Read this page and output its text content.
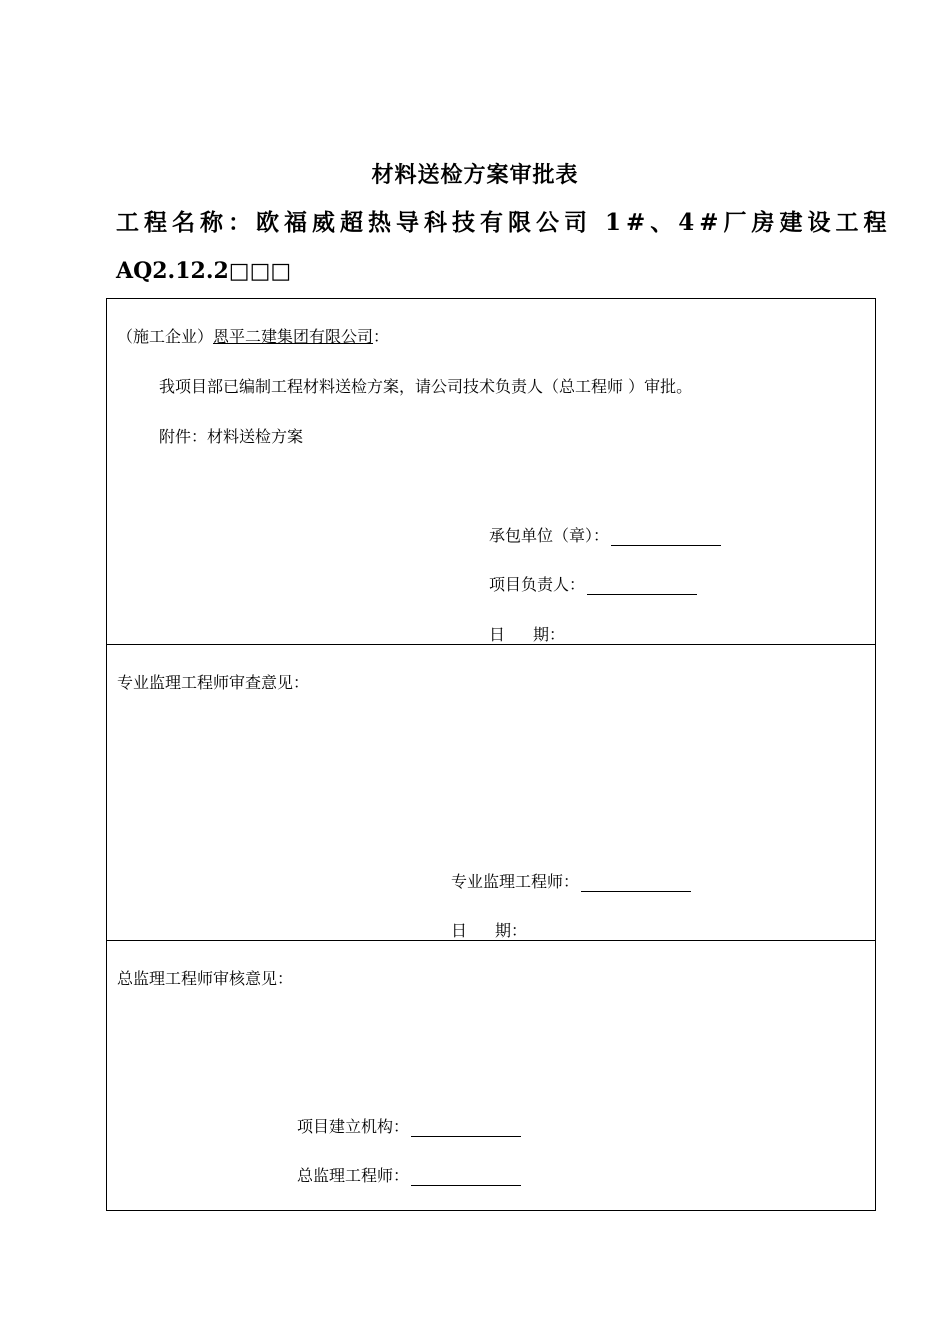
材料送检方案审批表
工程名称：欧福威超热导科技有限公司 1#、4#厂房建设工程
AQ2.12.2□□□
（施工企业）恩平二建集团有限公司：
我项目部已编制工程材料送检方案，请公司技术负责人（总工程师 ）审批。
附件：材料送检方案
承包单位（章）：
项目负责人：
日 期：
专业监理工程师审查意见：
专业监理工程师：
日 期：
总监理工程师审核意见：
项目建立机构：
总监理工程师：
